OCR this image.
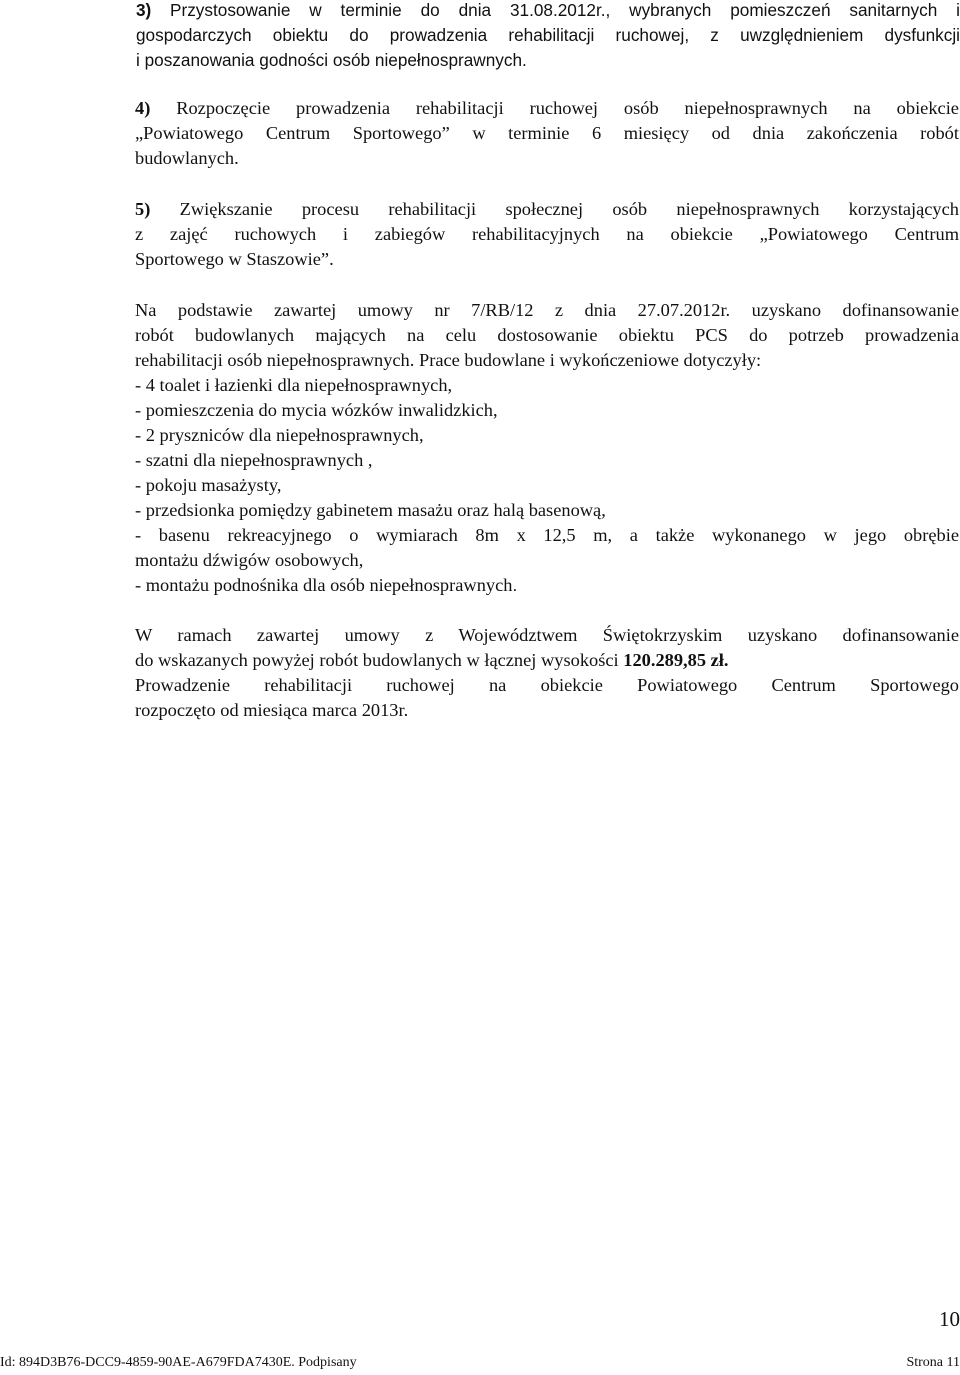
3) Przystosowanie w terminie do dnia 31.08.2012r., wybranych pomieszczeń sanitarnych i
gospodarczych obiektu do prowadzenia rehabilitacji ruchowej, z uwzględnieniem dysfunkcji
i poszanowania godności osób niepełnosprawnych.
4) Rozpoczęcie prowadzenia rehabilitacji ruchowej osób niepełnosprawnych na obiekcie
„Powiatowego Centrum Sportowego” w terminie 6 miesięcy od dnia zakończenia robót
budowlanych.
5) Zwiększanie procesu rehabilitacji społecznej osób niepełnosprawnych korzystających
z zajęć ruchowych i zabiegów rehabilitacyjnych na obiekcie „Powiatowego Centrum
Sportowego w Staszowie”.
Na podstawie zawartej umowy nr 7/RB/12 z dnia 27.07.2012r. uzyskano dofinansowanie
robót budowlanych mających na celu dostosowanie obiektu PCS do potrzeb prowadzenia
rehabilitacji osób niepełnosprawnych. Prace budowlane i wykończeniowe dotyczyły:
- 4 toalet i łazienki dla niepełnosprawnych,
- pomieszczenia do mycia wózków inwalidzkich,
- 2 pryszniców dla niepełnosprawnych,
- szatni dla niepełnosprawnych ,
- pokoju masażysty,
- przedsionka pomiędzy gabinetem masażu oraz halą basenową,
- basenu rekreacyjnego o wymiarach 8m x 12,5 m, a także wykonanego w jego obrębie
montażu dźwigów osobowych,
- montażu podnośnika dla osób niepełnosprawnych.
W ramach zawartej umowy z Województwem Świętokrzyskim uzyskano dofinansowanie
do wskazanych powyżej robót budowlanych w łącznej wysokości 120.289,85 zł.
Prowadzenie rehabilitacji ruchowej na obiekcie Powiatowego Centrum Sportowego
rozpoczęto od miesiąca marca 2013r.
10
Id: 894D3B76-DCC9-4859-90AE-A679FDA7430E. Podpisany	Strona 11
